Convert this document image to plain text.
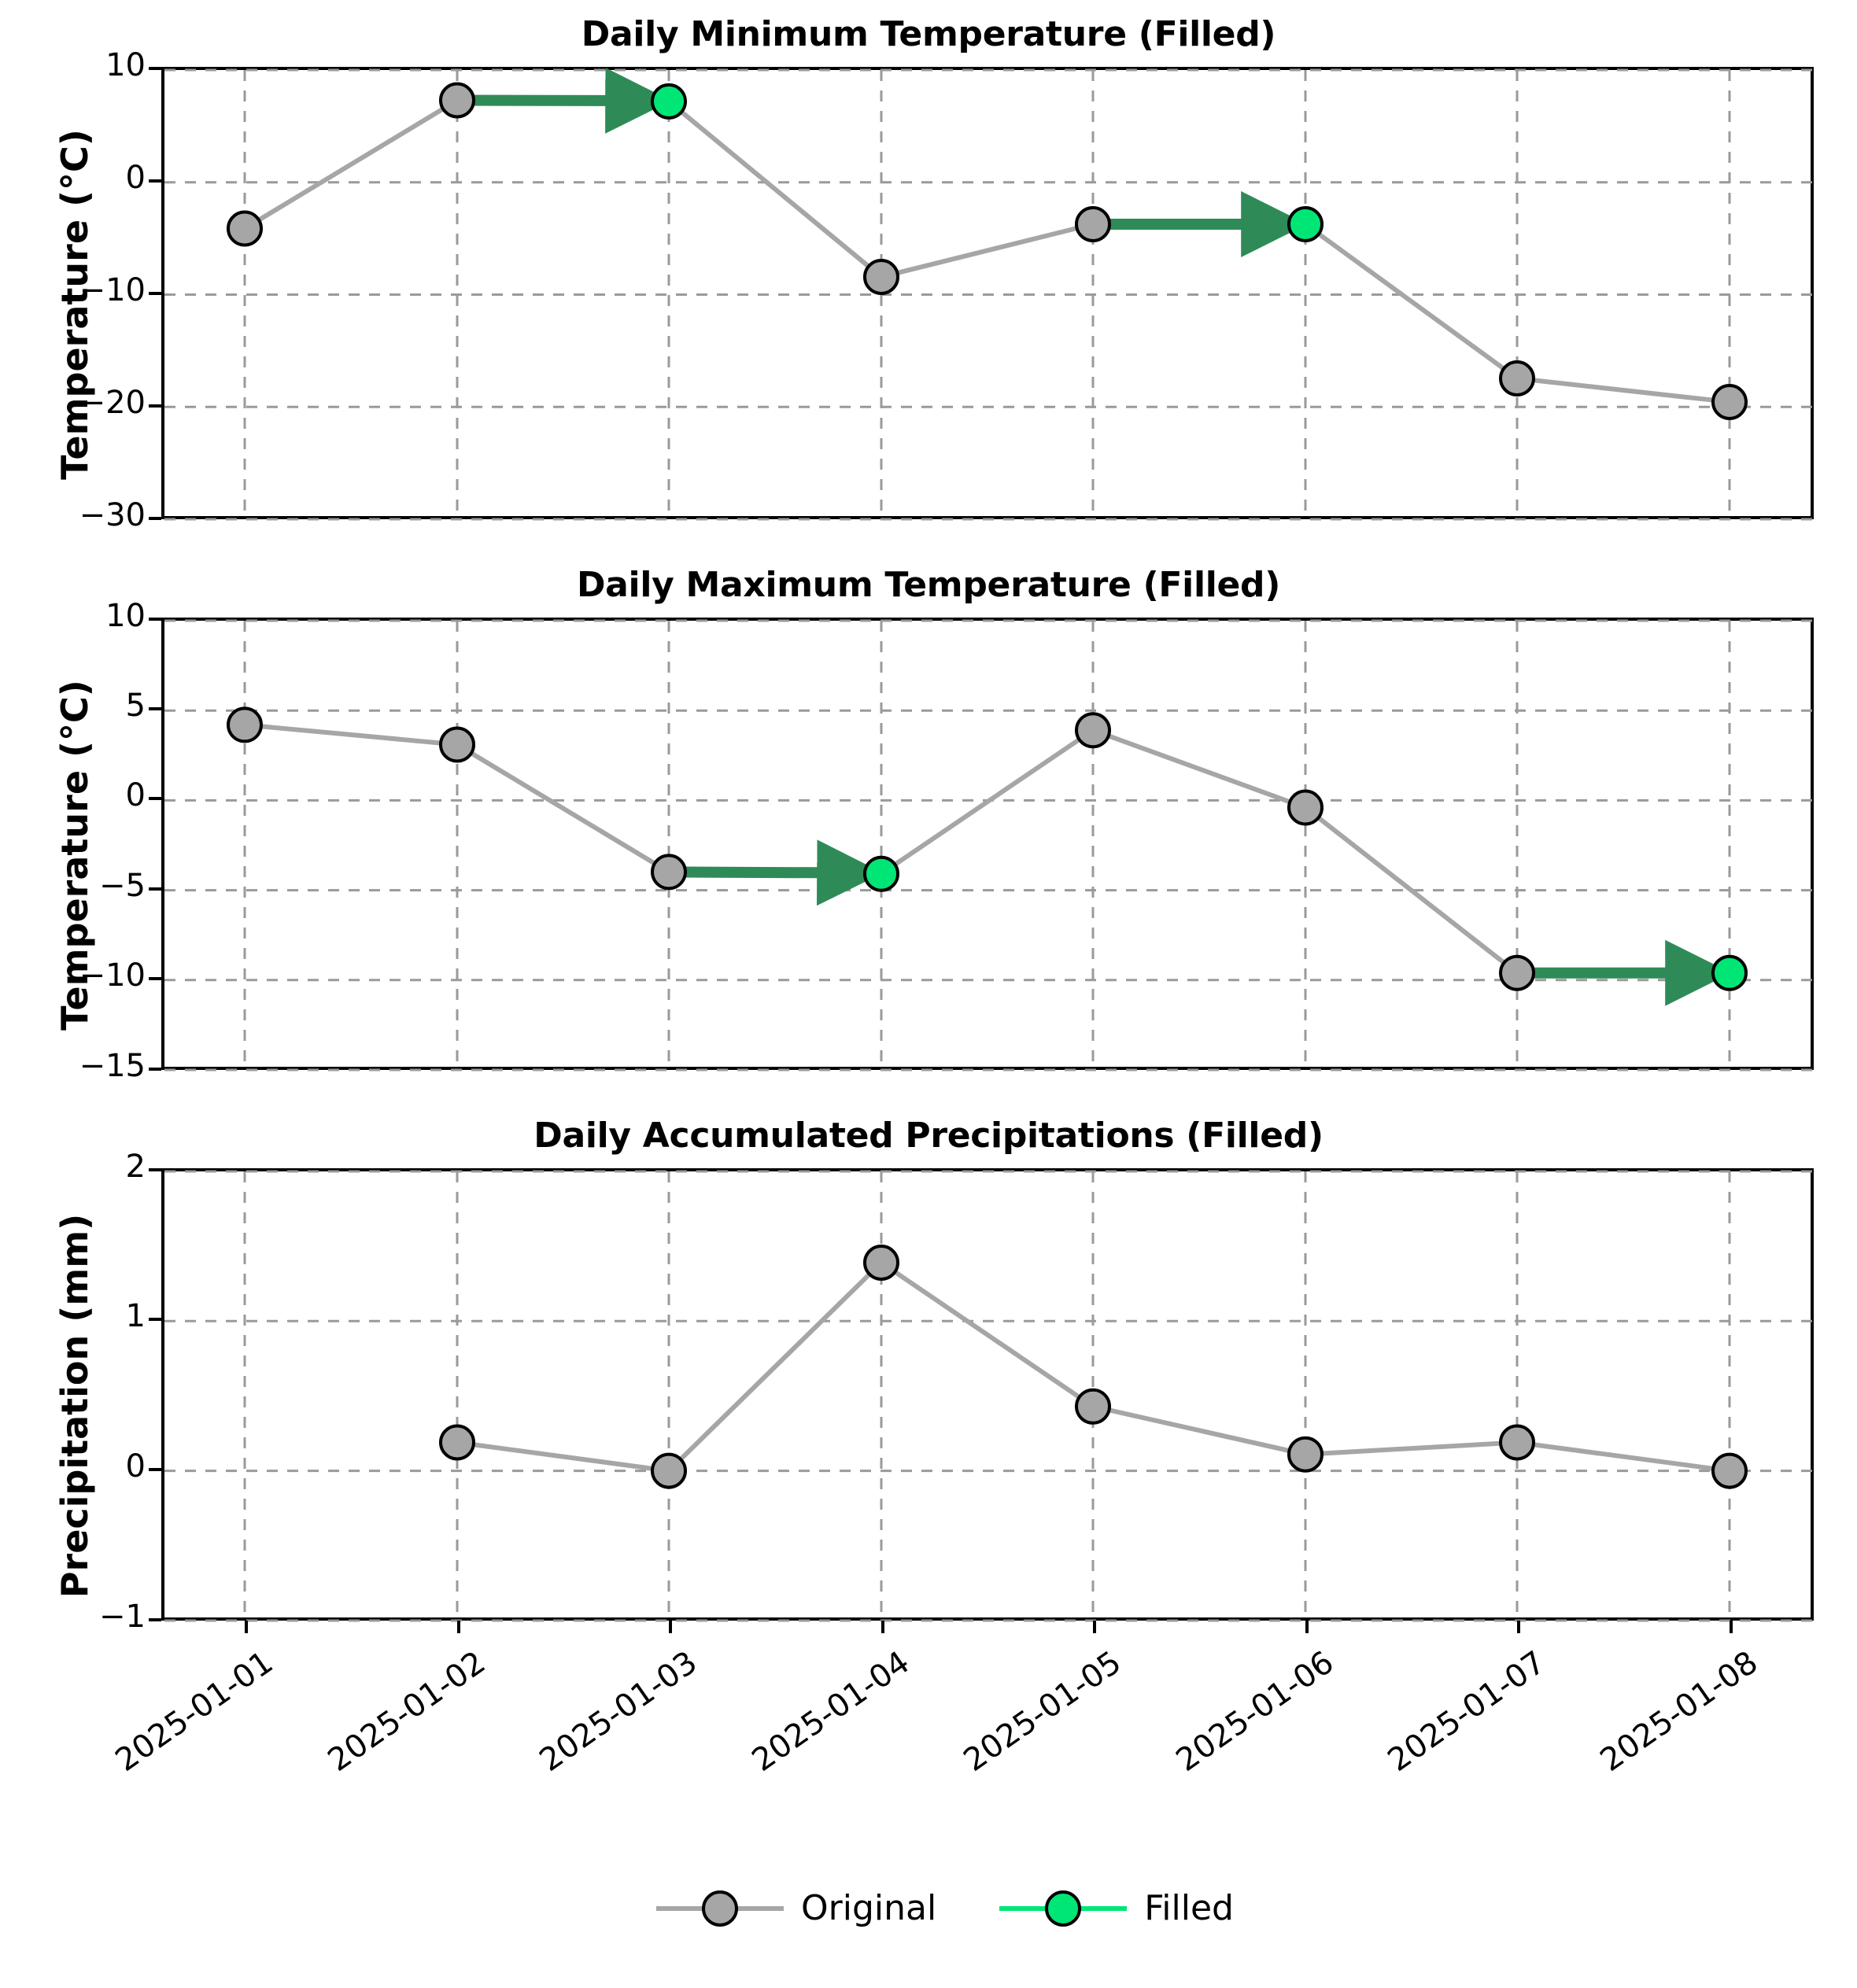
Daily Minimum Temperature (Filled)
10
0
−10
−20
−30
Temperature (°C)
Daily Maximum Temperature (Filled)
10
5
0
−5
−10
−15
Temperature (°C)
Daily Accumulated Precipitations (Filled)
2
1
0
−1
Precipitation (mm)
2025-01-01	2025-01-02	2025-01-03	2025-01-04	2025-01-05	2025-01-06	2025-01-07	2025-01-08
Original	Filled
